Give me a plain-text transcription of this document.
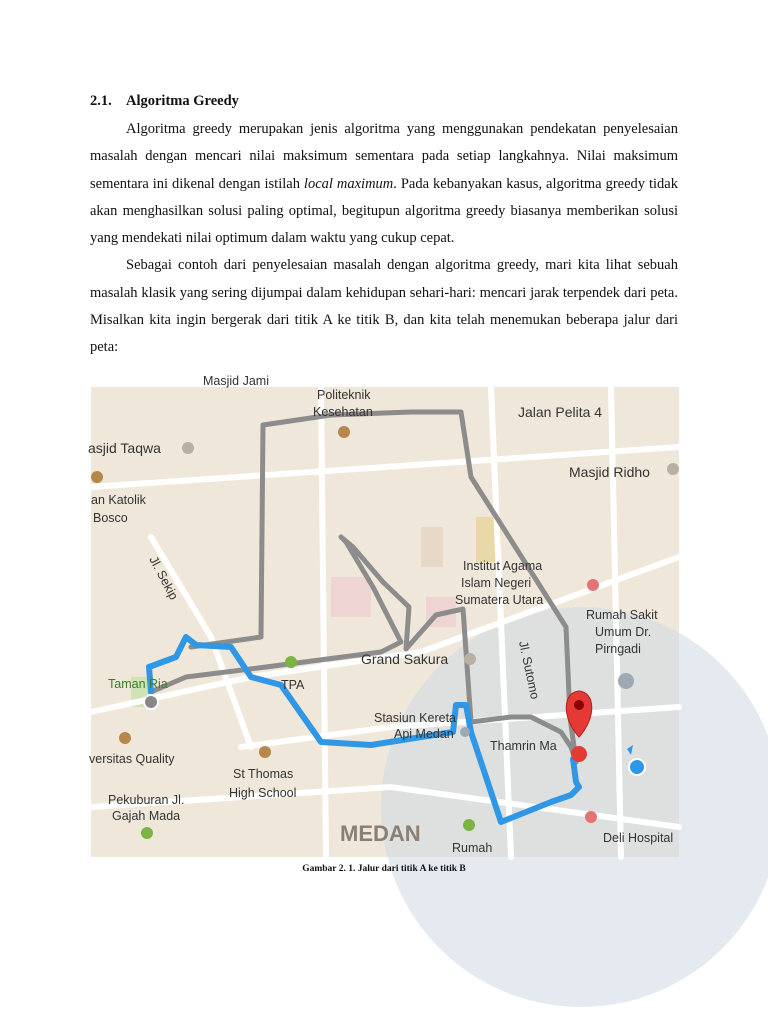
2.1. Algoritma Greedy

Algoritma greedy merupakan jenis algoritma yang menggunakan pendekatan penyelesaian masalah dengan mencari nilai maksimum sementara pada setiap langkahnya. Nilai maksimum sementara ini dikenal dengan istilah local maximum. Pada kebanyakan kasus, algoritma greedy tidak akan menghasilkan solusi paling optimal, begitupun algoritma greedy biasanya memberikan solusi yang mendekati nilai optimum dalam waktu yang cukup cepat.

Sebagai contoh dari penyelesaian masalah dengan algoritma greedy, mari kita lihat sebuah masalah klasik yang sering dijumpai dalam kehidupan sehari-hari: mencari jarak terpendek dari peta. Misalkan kita ingin bergerak dari titik A ke titik B, dan kita telah menemukan beberapa jalur dari peta:

Masjid Jami
Politeknik
Kesehatan	Jalan Pelita 4
asjid Taqwa
Masjid Ridho
an Katolik
Bosco
Jl. Sekip	Institut Agama
Islam Negeri
Sumatera Utara
Rumah Sakit
Umum Dr.
Pirngadi
Grand Sakura
Taman Ria	TPA	Jl. Sutomo
Stasiun Kereta
Api Medan
Thamrin Ma
versitas Quality
St Thomas
High School
Pekuburan Jl.
Gajah Mada
MEDAN
Rumah
Deli Hospital
Gambar 2. 1. Jalur dari titik A ke titik B
